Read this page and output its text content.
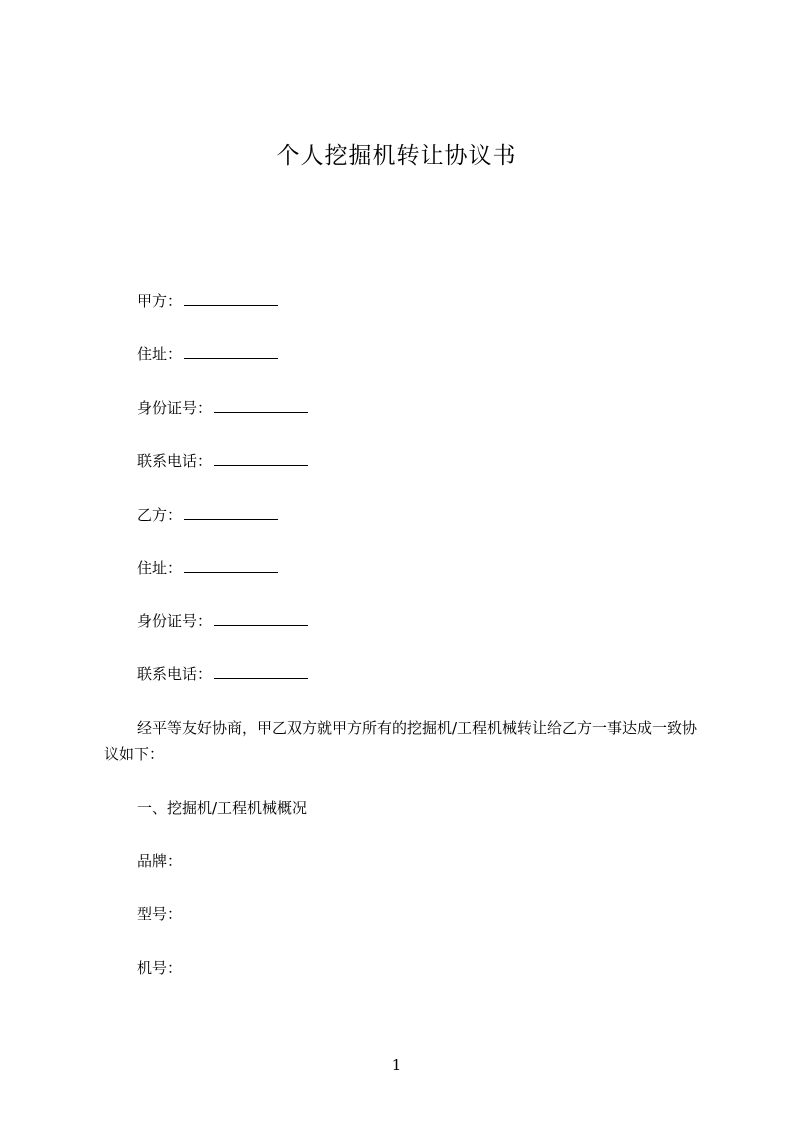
个人挖掘机转让协议书
甲方：
住址：
身份证号：
联系电话：
乙方：
住址：
身份证号：
联系电话：
经平等友好协商，甲乙双方就甲方所有的挖掘机/工程机械转让给乙方一事达成一致协议如下：
一、挖掘机/工程机械概况
品牌：
型号：
机号：
1
